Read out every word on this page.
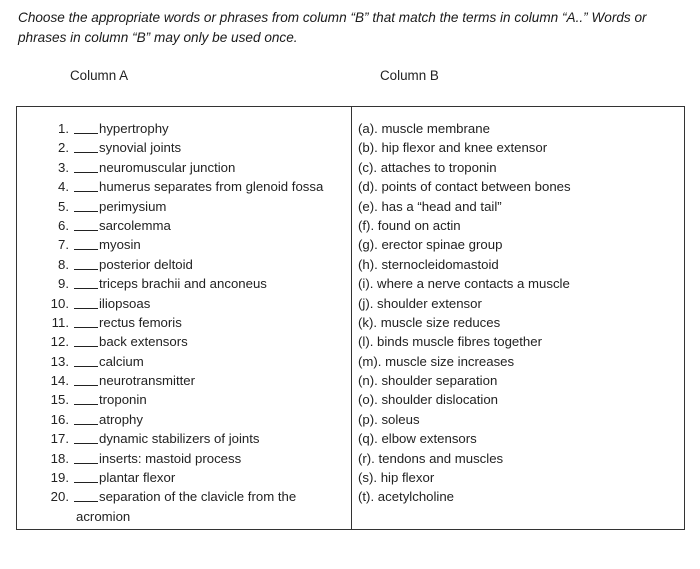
Choose the appropriate words or phrases from column “B” that match the terms in column “A..” Words or phrases in column “B” may only be used once.
Column A	Column B
1. hypertrophy
2. synovial joints
3. neuromuscular junction
4. humerus separates from glenoid fossa
5. perimysium
6. sarcolemma
7. myosin
8. posterior deltoid
9. triceps brachii and anconeus
10. iliopsoas
11. rectus femoris
12. back extensors
13. calcium
14. neurotransmitter
15. troponin
16. atrophy
17. dynamic stabilizers of joints
18. inserts: mastoid process
19. plantar flexor
20. separation of the clavicle from the
acromion
(a). muscle membrane
(b). hip flexor and knee extensor
(c). attaches to troponin
(d). points of contact between bones
(e). has a “head and tail”
(f). found on actin
(g). erector spinae group
(h). sternocleidomastoid
(i). where a nerve contacts a muscle
(j). shoulder extensor
(k). muscle size reduces
(l). binds muscle fibres together
(m). muscle size increases
(n). shoulder separation
(o). shoulder dislocation
(p). soleus
(q). elbow extensors
(r). tendons and muscles
(s). hip flexor
(t). acetylcholine
